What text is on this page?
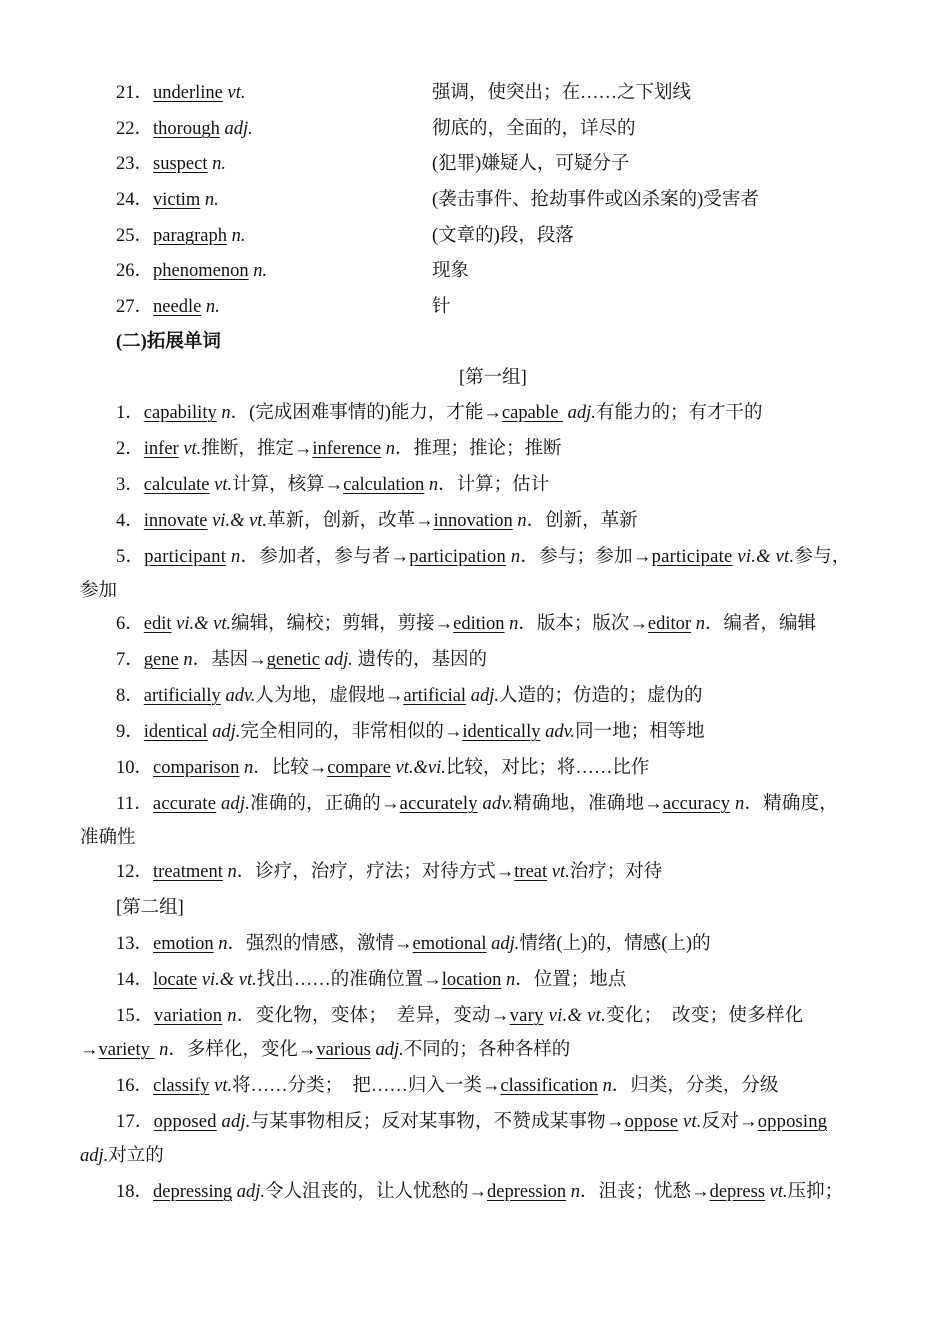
21．underline vt.	强调，使突出；在……之下划线
22．thorough adj.	彻底的，全面的，详尽的
23．suspect n.	(犯罪)嫌疑人，可疑分子
24．victim n.	(袭击事件、抢劫事件或凶杀案的)受害者
25．paragraph n.	(文章的)段，段落
26．phenomenon n.	现象
27．needle n.	针
(二)拓展单词
[第一组]
1．capability n．(完成困难事情的)能力，才能→capable  adj.有能力的；有才干的
2．infer vt.推断，推定→inference n．推理；推论；推断
3．calculate vt.计算，核算→calculation n．计算；估计
4．innovate vi.& vt.革新，创新，改革→innovation n．创新，革新
5．participant n．参加者，参与者→participation n．参与；参加→participate vi.& vt.参与，
参加
6．edit vi.& vt.编辑，编校；剪辑，剪接→edition n．版本；版次→editor n．编者，编辑
7．gene n．基因→genetic adj. 遗传的，基因的
8．artificially adv.人为地，虚假地→artificial adj.人造的；仿造的；虚伪的
9．identical adj.完全相同的，非常相似的→identically adv.同一地；相等地
10．comparison n．比较→compare vt.&vi.比较，对比；将……比作
11．accurate adj.准确的，正确的→accurately adv.精确地，准确地→accuracy n．精确度，
准确性
12．treatment n．诊疗，治疗，疗法；对待方式→treat vt.治疗；对待
[第二组]
13．emotion n．强烈的情感，激情→emotional adj.情绪(上)的，情感(上)的
14．locate vi.& vt.找出……的准确位置→location n．位置；地点
15．variation n．变化物，变体；　差异，变动→vary vi.& vt.变化；　改变；使多样化
→variety  n．多样化，变化→various adj.不同的；各种各样的
16．classify vt.将……分类；　把……归入一类→classification n．归类，分类，分级
17．opposed adj.与某事物相反；反对某事物，不赞成某事物→oppose vt.反对→opposing
adj.对立的
18．depressing adj.令人沮丧的，让人忧愁的→depression n．沮丧；忧愁→depress vt.压抑；
